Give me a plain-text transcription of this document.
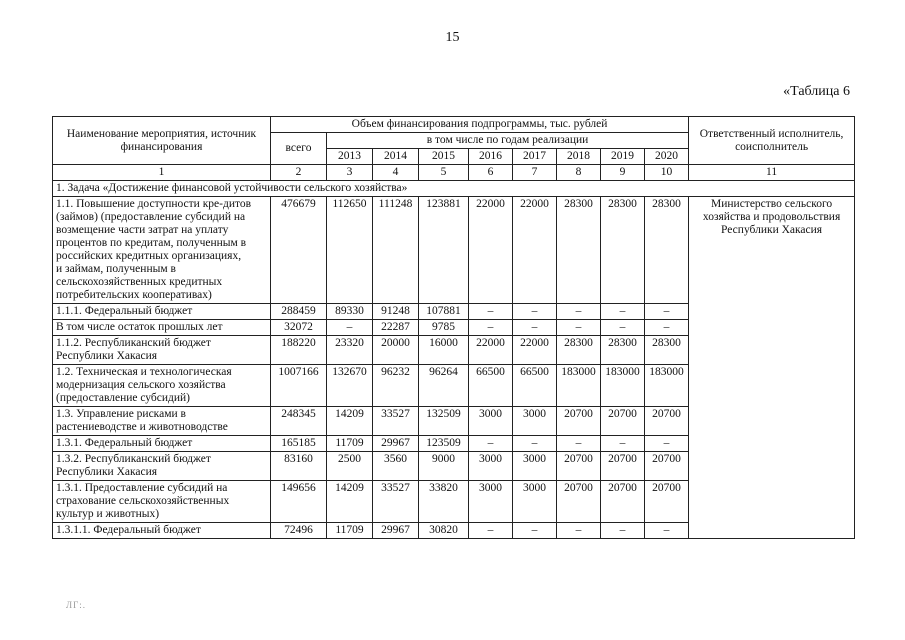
15
«Таблица 6
Наименование мероприятия, источник финансирования	Объем финансирования подпрограммы, тыс. рублей									Ответственный исполнитель, соисполнитель
	всего	в том числе по годам реализации								
		2013	2014	2015	2016	2017	2018	2019	2020	
1	2	3	4	5	6	7	8	9	10	11
1. Задача «Достижение финансовой устойчивости сельского хозяйства»										
1.1. Повышение доступности кре-дитов (займов) (предоставление субсидий на возмещение части затрат на уплату процентов по кредитам, полученным в российских кредитных организациях,
и займам, полученным в сельскохозяйственных кредитных потребительских кооперативах)	476679	112650	111248	123881	22000	22000	28300	28300	28300	Министерство сельского хозяйства и продовольствия Республики Хакасия
1.1.1. Федеральный бюджет	288459	89330	91248	107881	–	–	–	–	–	
В том числе остаток прошлых лет	32072	–	22287	9785	–	–	–	–	–	
1.1.2. Республиканский бюджет Республики Хакасия	188220	23320	20000	16000	22000	22000	28300	28300	28300	
1.2. Техническая и технологическая модернизация сельского хозяйства (предоставление субсидий)	1007166	132670	96232	96264	66500	66500	183000	183000	183000	
1.3. Управление рисками в растениеводстве и животноводстве	248345	14209	33527	132509	3000	3000	20700	20700	20700	
1.3.1. Федеральный бюджет	165185	11709	29967	123509	–	–	–	–	–	
1.3.2. Республиканский бюджет Республики Хакасия	83160	2500	3560	9000	3000	3000	20700	20700	20700	
1.3.1. Предоставление субсидий на страхование сельскохозяйственных культур и животных)	149656	14209	33527	33820	3000	3000	20700	20700	20700	
1.3.1.1. Федеральный бюджет	72496	11709	29967	30820	–	–	–	–	–	
ЛГ:.
